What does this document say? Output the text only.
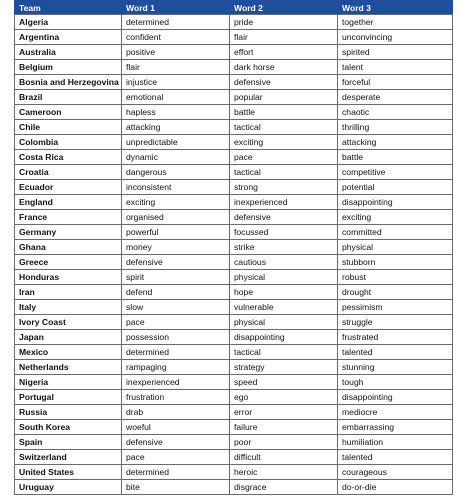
Team	Word 1	Word 2	Word 3
Algeria	determined	pride	together
Argentina	confident	flair	unconvincing
Australia	positive	effort	spirited
Belgium	flair	dark horse	talent
Bosnia and Herzegovina	injustice	defensive	forceful
Brazil	emotional	popular	desperate
Cameroon	hapless	battle	chaotic
Chile	attacking	tactical	thrilling
Colombia	unpredictable	exciting	attacking
Costa Rica	dynamic	pace	battle
Croatia	dangerous	tactical	competitive
Ecuador	inconsistent	strong	potential
England	exciting	inexperienced	disappointing
France	organised	defensive	exciting
Germany	powerful	focussed	committed
Ghana	money	strike	physical
Greece	defensive	cautious	stubborn
Honduras	spirit	physical	robust
Iran	defend	hope	drought
Italy	slow	vulnerable	pessimism
Ivory Coast	pace	physical	struggle
Japan	possession	disappointing	frustrated
Mexico	determined	tactical	talented
Netherlands	rampaging	strategy	stunning
Nigeria	inexperienced	speed	tough
Portugal	frustration	ego	disappointing
Russia	drab	error	mediocre
South Korea	woeful	failure	embarrassing
Spain	defensive	poor	humiliation
Switzerland	pace	difficult	talented
United States	determined	heroic	courageous
Uruguay	bite	disgrace	do-or-die
